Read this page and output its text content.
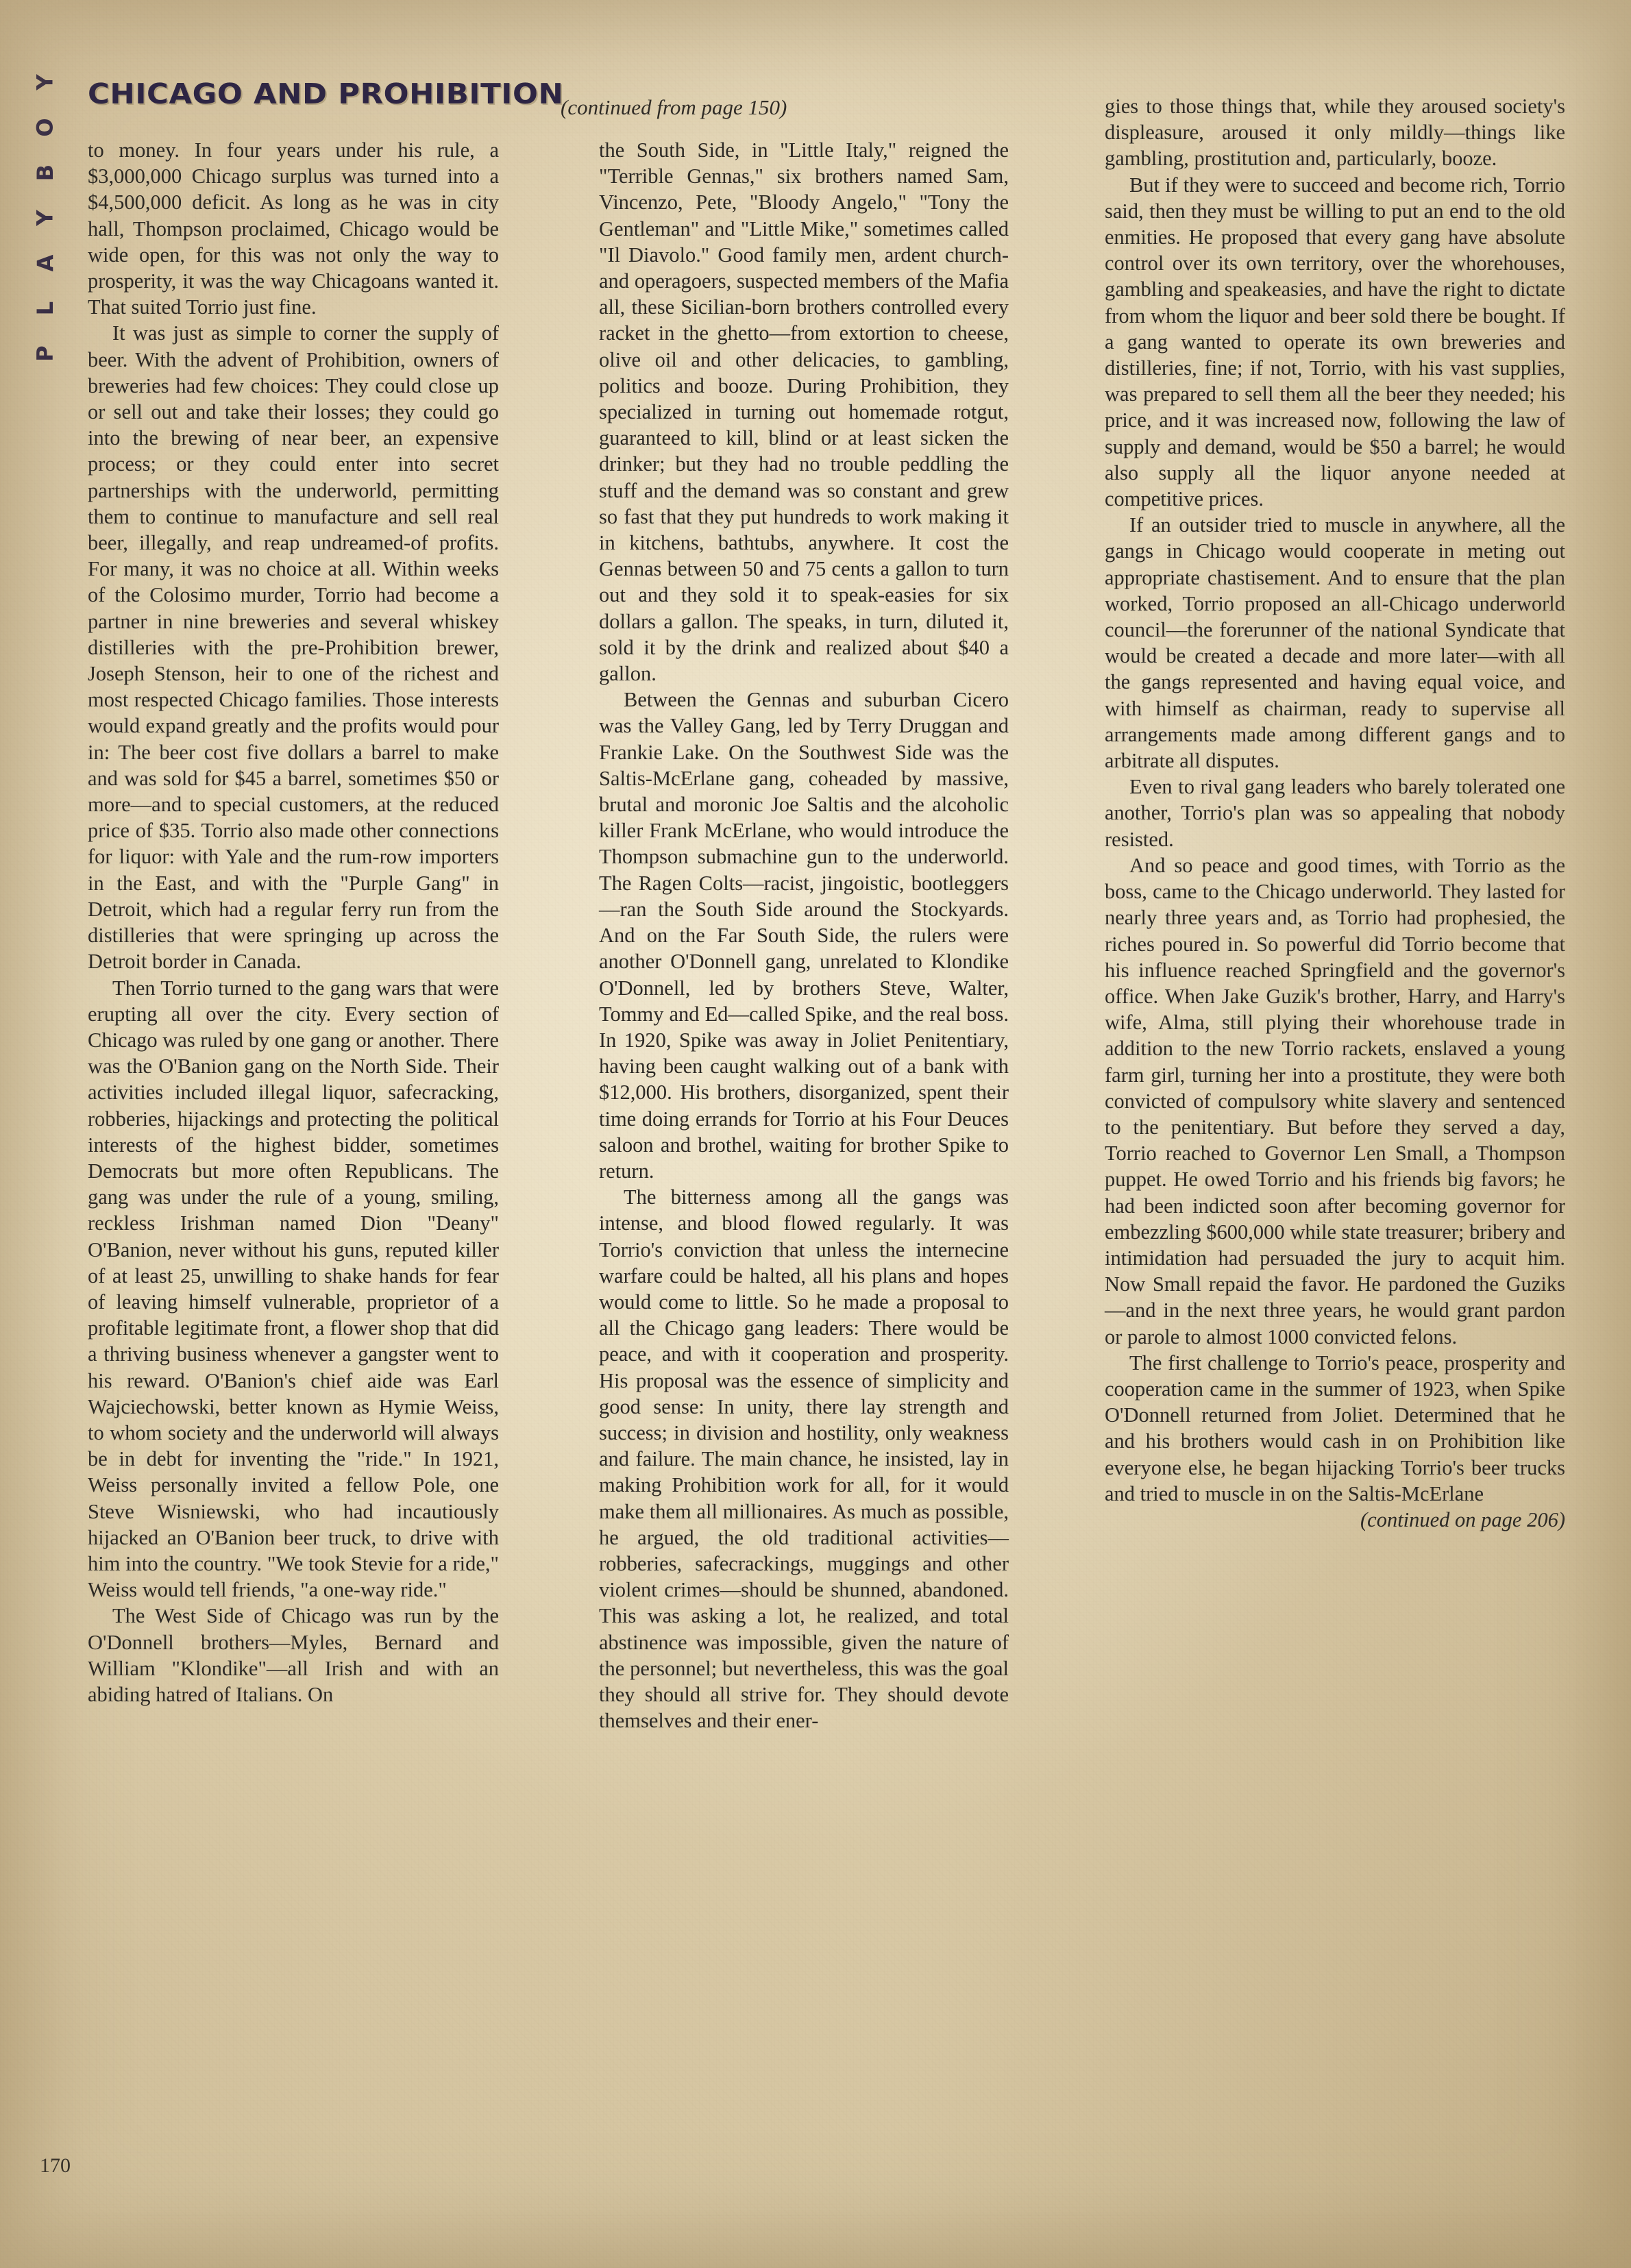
Y
O
B
Y
A
L
P
CHICAGO AND PROHIBITION
(continued from page 150)

to money. In four years under his rule, a $3,000,000 Chicago surplus was turned into a $4,500,000 deficit. As long as he was in city hall, Thompson proclaimed, Chicago would be wide open, for this was not only the way to prosperity, it was the way Chicagoans wanted it. That suited Torrio just fine.

It was just as simple to corner the supply of beer. With the advent of Prohibition, owners of breweries had few choices: They could close up or sell out and take their losses; they could go into the brewing of near beer, an expensive process; or they could enter into secret partnerships with the underworld, permitting them to continue to manufacture and sell real beer, illegally, and reap undreamed-of profits. For many, it was no choice at all. Within weeks of the Colosimo murder, Torrio had become a partner in nine breweries and several whiskey distilleries with the pre-Prohibition brewer, Joseph Stenson, heir to one of the richest and most respected Chicago families. Those interests would expand greatly and the profits would pour in: The beer cost five dollars a barrel to make and was sold for $45 a barrel, sometimes $50 or more—and to special customers, at the reduced price of $35. Torrio also made other connections for liquor: with Yale and the rum-row importers in the East, and with the "Purple Gang" in Detroit, which had a regular ferry run from the distilleries that were springing up across the Detroit border in Canada.

Then Torrio turned to the gang wars that were erupting all over the city. Every section of Chicago was ruled by one gang or another. There was the O'Banion gang on the North Side. Their activities included illegal liquor, safecracking, robberies, hijackings and protecting the political interests of the highest bidder, sometimes Democrats but more often Republicans. The gang was under the rule of a young, smiling, reckless Irishman named Dion "Deany" O'Banion, never without his guns, reputed killer of at least 25, unwilling to shake hands for fear of leaving himself vulnerable, proprietor of a profitable legitimate front, a flower shop that did a thriving business whenever a gangster went to his reward. O'Banion's chief aide was Earl Wajciechowski, better known as Hymie Weiss, to whom society and the underworld will always be in debt for inventing the "ride." In 1921, Weiss personally invited a fellow Pole, one Steve Wisniewski, who had incautiously hijacked an O'Banion beer truck, to drive with him into the country. "We took Stevie for a ride," Weiss would tell friends, "a one-way ride."

The West Side of Chicago was run by the O'Donnell brothers—Myles, Bernard and William "Klondike"—all Irish and with an abiding hatred of Italians. On

the South Side, in "Little Italy," reigned the "Terrible Gennas," six brothers named Sam, Vincenzo, Pete, "Bloody Angelo," "Tony the Gentleman" and "Little Mike," sometimes called "Il Diavolo." Good family men, ardent church- and operagoers, suspected members of the Mafia all, these Sicilian-born brothers controlled every racket in the ghetto—from extortion to cheese, olive oil and other delicacies, to gambling, politics and booze. During Prohibition, they specialized in turning out homemade rotgut, guaranteed to kill, blind or at least sicken the drinker; but they had no trouble peddling the stuff and the demand was so constant and grew so fast that they put hundreds to work making it in kitchens, bathtubs, anywhere. It cost the Gennas between 50 and 75 cents a gallon to turn out and they sold it to speak-easies for six dollars a gallon. The speaks, in turn, diluted it, sold it by the drink and realized about $40 a gallon.

Between the Gennas and suburban Cicero was the Valley Gang, led by Terry Druggan and Frankie Lake. On the Southwest Side was the Saltis-McErlane gang, coheaded by massive, brutal and moronic Joe Saltis and the alcoholic killer Frank McErlane, who would introduce the Thompson submachine gun to the underworld. The Ragen Colts—racist, jingoistic, bootleggers—ran the South Side around the Stockyards. And on the Far South Side, the rulers were another O'Donnell gang, unrelated to Klondike O'Donnell, led by brothers Steve, Walter, Tommy and Ed—called Spike, and the real boss. In 1920, Spike was away in Joliet Penitentiary, having been caught walking out of a bank with $12,000. His brothers, disorganized, spent their time doing errands for Torrio at his Four Deuces saloon and brothel, waiting for brother Spike to return.

The bitterness among all the gangs was intense, and blood flowed regularly. It was Torrio's conviction that unless the internecine warfare could be halted, all his plans and hopes would come to little. So he made a proposal to all the Chicago gang leaders: There would be peace, and with it cooperation and prosperity. His proposal was the essence of simplicity and good sense: In unity, there lay strength and success; in division and hostility, only weakness and failure. The main chance, he insisted, lay in making Prohibition work for all, for it would make them all millionaires. As much as possible, he argued, the old traditional activities—robberies, safecrackings, muggings and other violent crimes—should be shunned, abandoned. This was asking a lot, he realized, and total abstinence was impossible, given the nature of the personnel; but nevertheless, this was the goal they should all strive for. They should devote themselves and their ener-

gies to those things that, while they aroused society's displeasure, aroused it only mildly—things like gambling, prostitution and, particularly, booze.

But if they were to succeed and become rich, Torrio said, then they must be willing to put an end to the old enmities. He proposed that every gang have absolute control over its own territory, over the whorehouses, gambling and speakeasies, and have the right to dictate from whom the liquor and beer sold there be bought. If a gang wanted to operate its own breweries and distilleries, fine; if not, Torrio, with his vast supplies, was prepared to sell them all the beer they needed; his price, and it was increased now, following the law of supply and demand, would be $50 a barrel; he would also supply all the liquor anyone needed at competitive prices.

If an outsider tried to muscle in anywhere, all the gangs in Chicago would cooperate in meting out appropriate chastisement. And to ensure that the plan worked, Torrio proposed an all-Chicago underworld council—the forerunner of the national Syndicate that would be created a decade and more later—with all the gangs represented and having equal voice, and with himself as chairman, ready to supervise all arrangements made among different gangs and to arbitrate all disputes.

Even to rival gang leaders who barely tolerated one another, Torrio's plan was so appealing that nobody resisted.

And so peace and good times, with Torrio as the boss, came to the Chicago underworld. They lasted for nearly three years and, as Torrio had prophesied, the riches poured in. So powerful did Torrio become that his influence reached Springfield and the governor's office. When Jake Guzik's brother, Harry, and Harry's wife, Alma, still plying their whorehouse trade in addition to the new Torrio rackets, enslaved a young farm girl, turning her into a prostitute, they were both convicted of compulsory white slavery and sentenced to the penitentiary. But before they served a day, Torrio reached to Governor Len Small, a Thompson puppet. He owed Torrio and his friends big favors; he had been indicted soon after becoming governor for embezzling $600,000 while state treasurer; bribery and intimidation had persuaded the jury to acquit him. Now Small repaid the favor. He pardoned the Guziks—and in the next three years, he would grant pardon or parole to almost 1000 convicted felons.

The first challenge to Torrio's peace, prosperity and cooperation came in the summer of 1923, when Spike O'Donnell returned from Joliet. Determined that he and his brothers would cash in on Prohibition like everyone else, he began hijacking Torrio's beer trucks and tried to muscle in on the Saltis-McErlane

(continued on page 206)

170
